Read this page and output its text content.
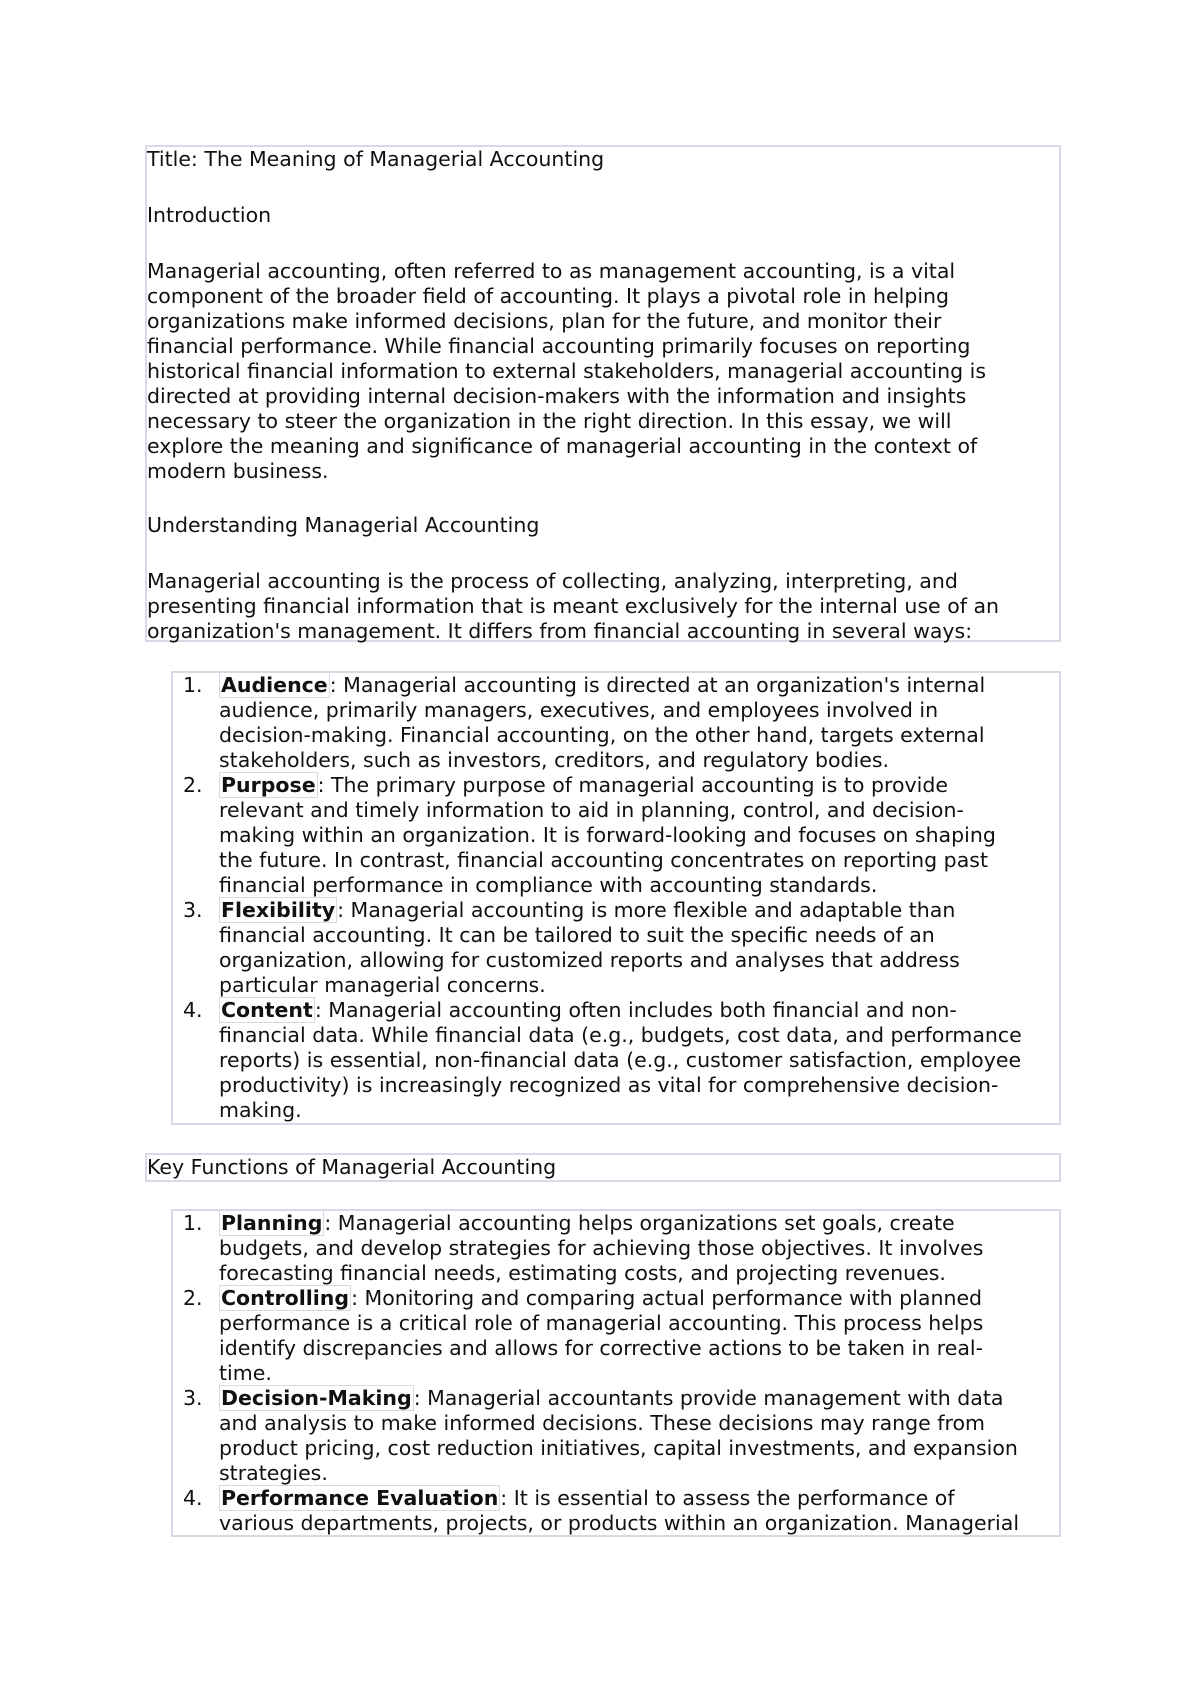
Title: The Meaning of Managerial Accounting

Introduction

Managerial accounting, often referred to as management accounting, is a vital
component of the broader field of accounting. It plays a pivotal role in helping
organizations make informed decisions, plan for the future, and monitor their
financial performance. While financial accounting primarily focuses on reporting
historical financial information to external stakeholders, managerial accounting is
directed at providing internal decision-makers with the information and insights
necessary to steer the organization in the right direction. In this essay, we will
explore the meaning and significance of managerial accounting in the context of
modern business.

Understanding Managerial Accounting

Managerial accounting is the process of collecting, analyzing, interpreting, and
presenting financial information that is meant exclusively for the internal use of an
organization's management. It differs from financial accounting in several ways:

1. Audience: Managerial accounting is directed at an organization's internal
audience, primarily managers, executives, and employees involved in
decision-making. Financial accounting, on the other hand, targets external
stakeholders, such as investors, creditors, and regulatory bodies.
2. Purpose: The primary purpose of managerial accounting is to provide
relevant and timely information to aid in planning, control, and decision-
making within an organization. It is forward-looking and focuses on shaping
the future. In contrast, financial accounting concentrates on reporting past
financial performance in compliance with accounting standards.
3. Flexibility: Managerial accounting is more flexible and adaptable than
financial accounting. It can be tailored to suit the specific needs of an
organization, allowing for customized reports and analyses that address
particular managerial concerns.
4. Content: Managerial accounting often includes both financial and non-
financial data. While financial data (e.g., budgets, cost data, and performance
reports) is essential, non-financial data (e.g., customer satisfaction, employee
productivity) is increasingly recognized as vital for comprehensive decision-
making.

Key Functions of Managerial Accounting

1. Planning: Managerial accounting helps organizations set goals, create
budgets, and develop strategies for achieving those objectives. It involves
forecasting financial needs, estimating costs, and projecting revenues.
2. Controlling: Monitoring and comparing actual performance with planned
performance is a critical role of managerial accounting. This process helps
identify discrepancies and allows for corrective actions to be taken in real-
time.
3. Decision-Making: Managerial accountants provide management with data
and analysis to make informed decisions. These decisions may range from
product pricing, cost reduction initiatives, capital investments, and expansion
strategies.
4. Performance Evaluation: It is essential to assess the performance of
various departments, projects, or products within an organization. Managerial
